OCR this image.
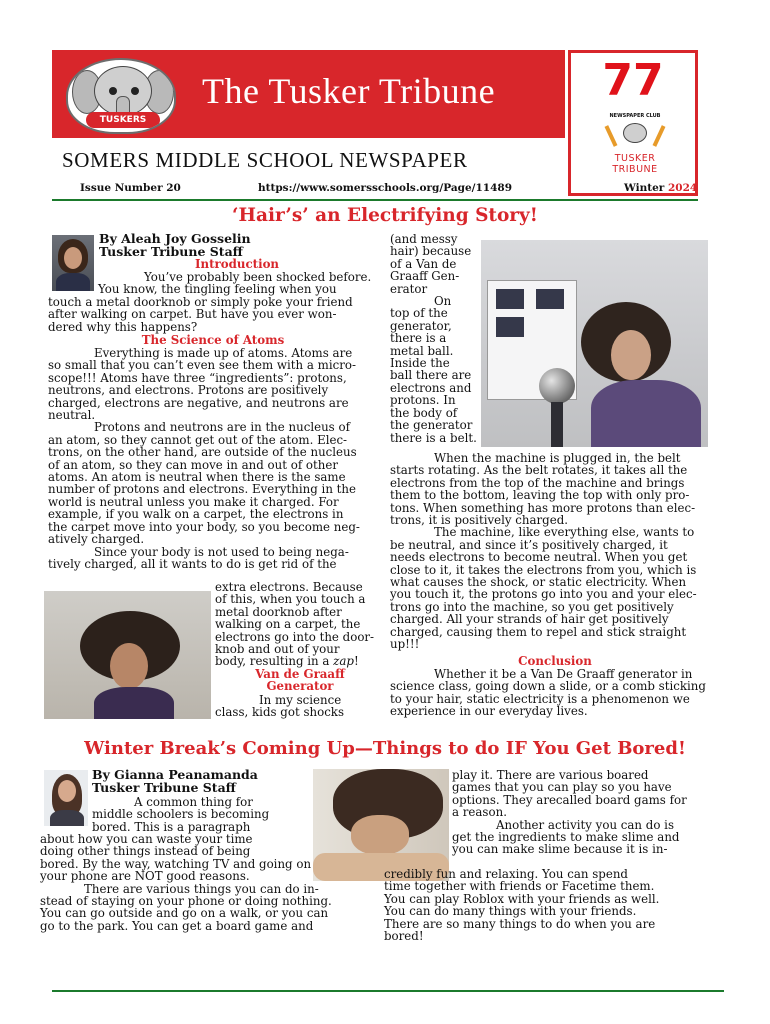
TUSKERS
The Tusker Tribune	77
NEWSPAPER CLUB
TUSKER
TRIBUNE
SOMERS MIDDLE SCHOOL NEWSPAPER
Issue Number 20	https://www.somersschools.org/Page/11489	Winter 2024
‘Hair’s’ an Electrifying Story!
By Aleah Joy Gosselin
Tusker Tribune Staff
Introduction
You’ve probably been shocked before.
You know, the tingling feeling when you
touch a metal doorknob or simply poke your friend
after walking on carpet. But have you ever won-
dered why this happens?
The Science of Atoms
Everything is made up of atoms. Atoms are
so small that you can’t even see them with a micro-
scope!!! Atoms have three “ingredients”: protons,
neutrons, and electrons. Protons are positively
charged, electrons are negative, and neutrons are
neutral.
Protons and neutrons are in the nucleus of
an atom, so they cannot get out of the atom. Elec-
trons, on the other hand, are outside of the nucleus
of an atom, so they can move in and out of other
atoms. An atom is neutral when there is the same
number of protons and electrons. Everything in the
world is neutral unless you make it charged. For
example, if you walk on a carpet, the electrons in
the carpet move into your body, so you become neg-
atively charged.
Since your body is not used to being nega-
tively charged, all it wants to do is get rid of the
extra electrons. Because
of this, when you touch a
metal doorknob after
walking on a carpet, the
electrons go into the door-
knob and out of your
body, resulting in a zap!
Van de Graaff
Generator
In my science
class, kids got shocks
(and messy
hair) because
of a Van de
Graaff Gen-
erator
On
top of the
generator,
there is a
metal ball.
Inside the
ball there are
electrons and
protons. In
the body of
the generator
there is a belt.
When the machine is plugged in, the belt
starts rotating. As the belt rotates, it takes all the
electrons from the top of the machine and brings
them to the bottom, leaving the top with only pro-
tons. When something has more protons than elec-
trons, it is positively charged.
The machine, like everything else, wants to
be neutral, and since it’s positively charged, it
needs electrons to become neutral. When you get
close to it, it takes the electrons from you, which is
what causes the shock, or static electricity. When
you touch it, the protons go into you and your elec-
trons go into the machine, so you get positively
charged. All your strands of hair get positively
charged, causing them to repel and stick straight
up!!!
Conclusion
Whether it be a Van De Graaff generator in
science class, going down a slide, or a comb sticking
to your hair, static electricity is a phenomenon we
experience in our everyday lives.
Winter Break’s Coming Up—Things to do IF You Get Bored!
By Gianna Peanamanda
Tusker Tribune Staff
A common thing for
middle schoolers is becoming
bored. This is a paragraph
about how you can waste your time
doing other things instead of being
bored. By the way, watching TV and going on
your phone are NOT good reasons.
There are various things you can do in-
stead of staying on your phone or doing nothing.
You can go outside and go on a walk, or you can
go to the park. You can get a board game and
play it. There are various boared
games that you can play so you have
options. They arecalled board gams for
a reason.
Another activity you can do is
get the ingredients to make slime and
you can make slime because it is in-
credibly fun and relaxing. You can spend
time together with friends or Facetime them.
You can play Roblox with your friends as well.
You can do many things with your friends.
There are so many things to do when you are
bored!
